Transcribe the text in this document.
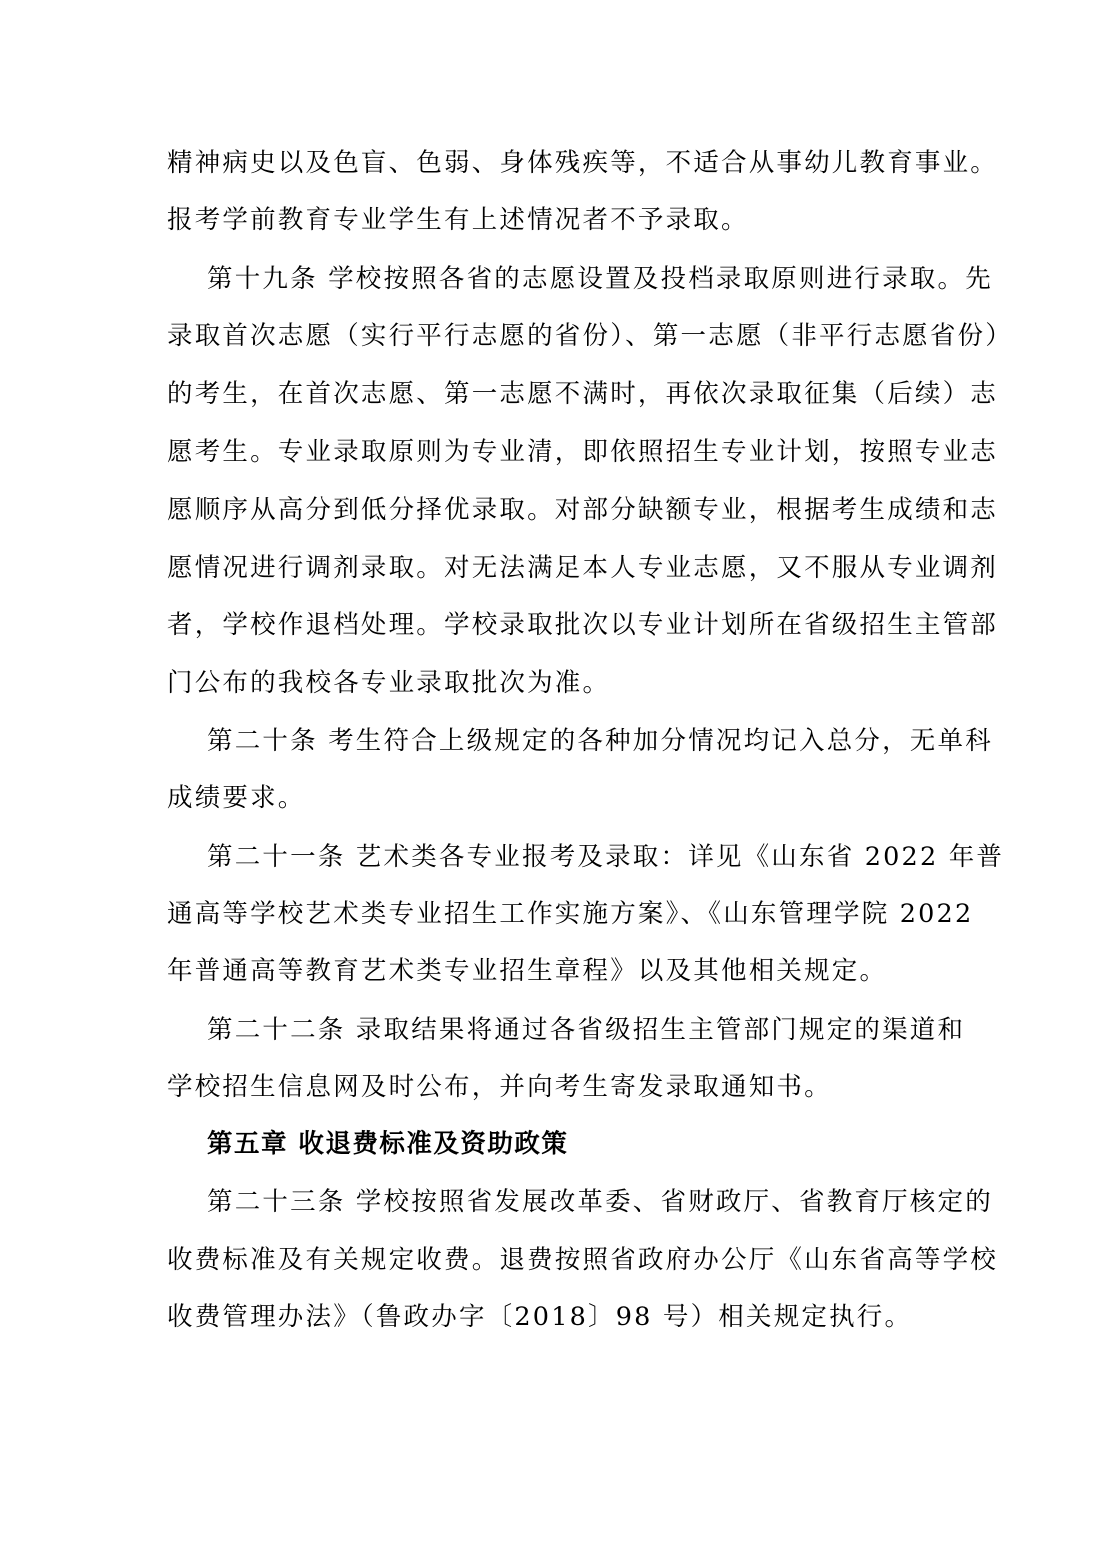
精神病史以及色盲、色弱、身体残疾等，不适合从事幼儿教育事业。
报考学前教育专业学生有上述情况者不予录取。
第十九条 学校按照各省的志愿设置及投档录取原则进行录取。先
录取首次志愿（实行平行志愿的省份）、第一志愿（非平行志愿省份）
的考生，在首次志愿、第一志愿不满时，再依次录取征集（后续）志
愿考生。专业录取原则为专业清，即依照招生专业计划，按照专业志
愿顺序从高分到低分择优录取。对部分缺额专业，根据考生成绩和志
愿情况进行调剂录取。对无法满足本人专业志愿，又不服从专业调剂
者，学校作退档处理。学校录取批次以专业计划所在省级招生主管部
门公布的我校各专业录取批次为准。
第二十条 考生符合上级规定的各种加分情况均记入总分，无单科
成绩要求。
第二十一条 艺术类各专业报考及录取：详见《山东省 2022 年普
通高等学校艺术类专业招生工作实施方案》、《山东管理学院 2022
年普通高等教育艺术类专业招生章程》以及其他相关规定。
第二十二条 录取结果将通过各省级招生主管部门规定的渠道和
学校招生信息网及时公布，并向考生寄发录取通知书。
第五章 收退费标准及资助政策
第二十三条 学校按照省发展改革委、省财政厅、省教育厅核定的
收费标准及有关规定收费。退费按照省政府办公厅《山东省高等学校
收费管理办法》（鲁政办字〔2018〕98 号）相关规定执行。
